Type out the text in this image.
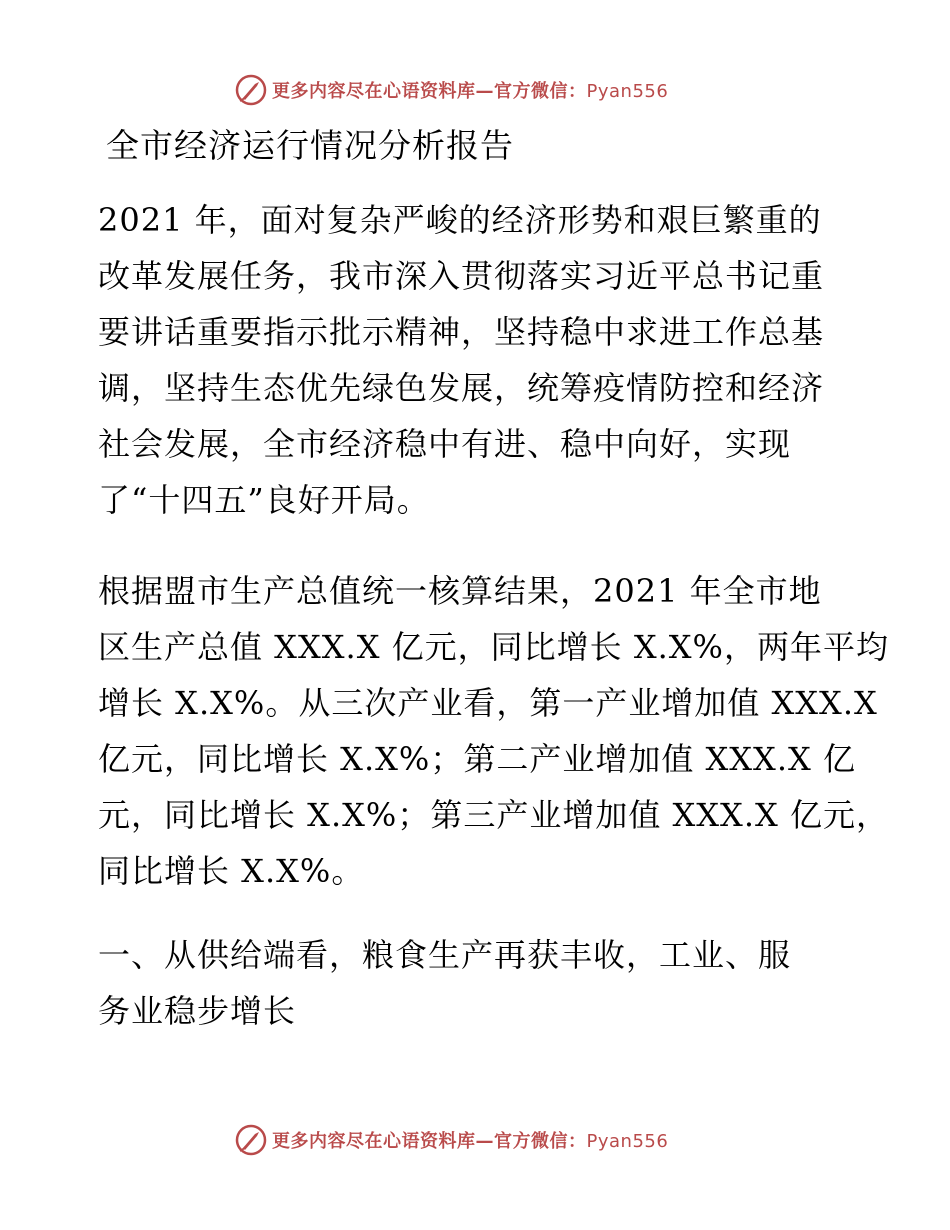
更多内容尽在心语资料库—官方微信：Pyan556
全市经济运行情况分析报告
2021 年，面对复杂严峻的经济形势和艰巨繁重的
改革发展任务，我市深入贯彻落实习近平总书记重
要讲话重要指示批示精神，坚持稳中求进工作总基
调，坚持生态优先绿色发展，统筹疫情防控和经济
社会发展，全市经济稳中有进、稳中向好，实现
了“十四五”良好开局。
根据盟市生产总值统一核算结果，2021 年全市地
区生产总值 XXX.X 亿元，同比增长 X.X%，两年平均
增长 X.X%。从三次产业看，第一产业增加值 XXX.X
亿元，同比增长 X.X%；第二产业增加值 XXX.X 亿
元，同比增长 X.X%；第三产业增加值 XXX.X 亿元，
同比增长 X.X%。
一、从供给端看，粮食生产再获丰收，工业、服
务业稳步增长
更多内容尽在心语资料库—官方微信：Pyan556
